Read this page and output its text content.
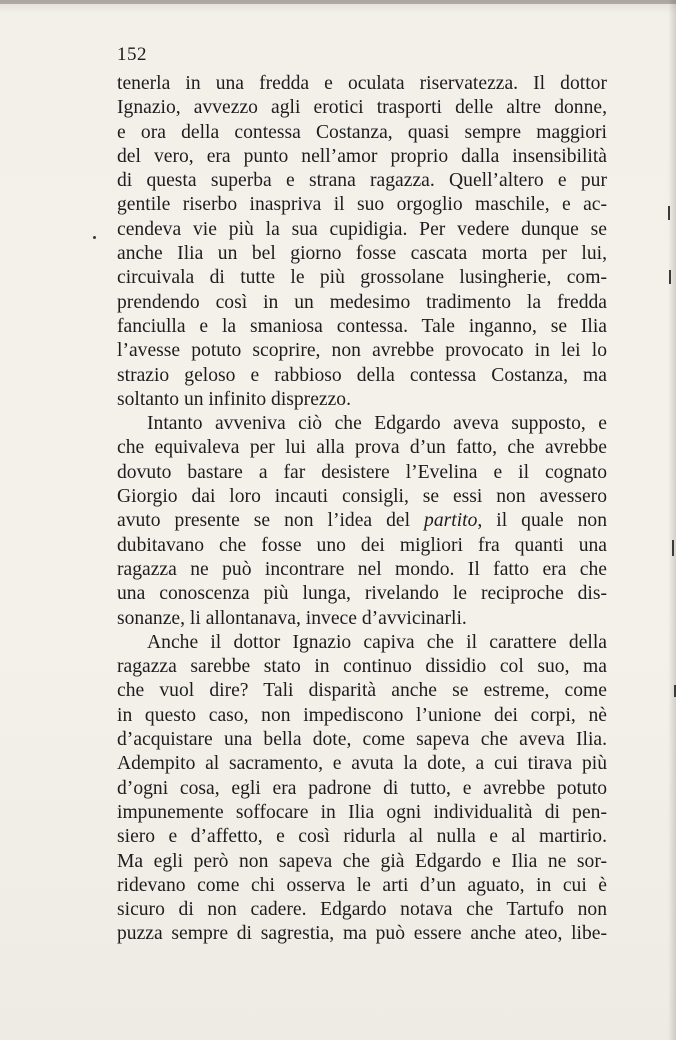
152
tenerla in una fredda e oculata riservatezza. Il dottor
Ignazio, avvezzo agli erotici trasporti delle altre donne,
e ora della contessa Costanza, quasi sempre maggiori
del vero, era punto nell’amor proprio dalla insensibilità
di questa superba e strana ragazza. Quell’altero e pur
gentile riserbo inaspriva il suo orgoglio maschile, e ac-
cendeva vie più la sua cupidigia. Per vedere dunque se
anche Ilia un bel giorno fosse cascata morta per lui,
circuivala di tutte le più grossolane lusingherie, com-
prendendo così in un medesimo tradimento la fredda
fanciulla e la smaniosa contessa. Tale inganno, se Ilia
l’avesse potuto scoprire, non avrebbe provocato in lei lo
strazio geloso e rabbioso della contessa Costanza, ma
soltanto un infinito disprezzo.
Intanto avveniva ciò che Edgardo aveva supposto, e
che equivaleva per lui alla prova d’un fatto, che avrebbe
dovuto bastare a far desistere l’Evelina e il cognato
Giorgio dai loro incauti consigli, se essi non avessero
avuto presente se non l’idea del partito, il quale non
dubitavano che fosse uno dei migliori fra quanti una
ragazza ne può incontrare nel mondo. Il fatto era che
una conoscenza più lunga, rivelando le reciproche dis-
sonanze, li allontanava, invece d’avvicinarli.
Anche il dottor Ignazio capiva che il carattere della
ragazza sarebbe stato in continuo dissidio col suo, ma
che vuol dire? Tali disparità anche se estreme, come
in questo caso, non impediscono l’unione dei corpi, nè
d’acquistare una bella dote, come sapeva che aveva Ilia.
Adempito al sacramento, e avuta la dote, a cui tirava più
d’ogni cosa, egli era padrone di tutto, e avrebbe potuto
impunemente soffocare in Ilia ogni individualità di pen-
siero e d’affetto, e così ridurla al nulla e al martirio.
Ma egli però non sapeva che già Edgardo e Ilia ne sor-
ridevano come chi osserva le arti d’un aguato, in cui è
sicuro di non cadere. Edgardo notava che Tartufo non
puzza sempre di sagrestia, ma può essere anche ateo, libe-
